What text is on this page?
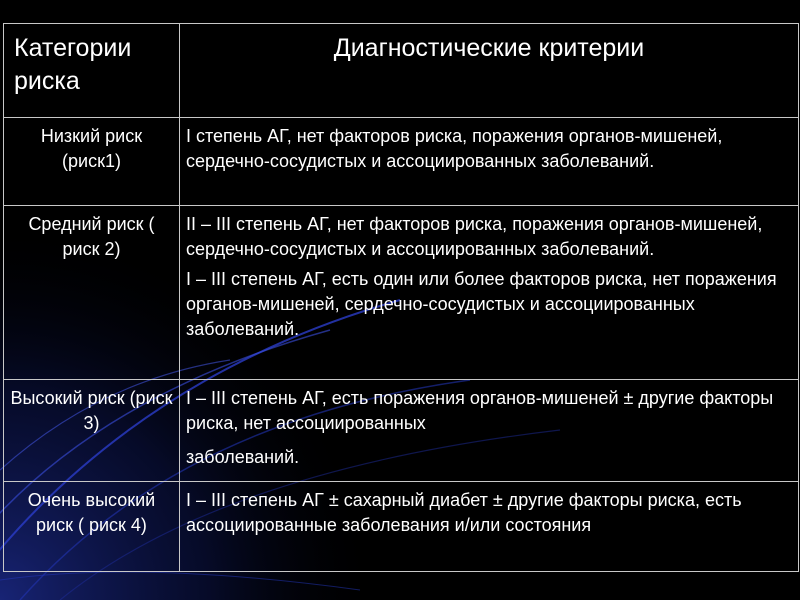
Категории риска	Диагностические критерии
Низкий риск (риск1)	I степень АГ, нет факторов риска, поражения органов-мишеней, сердечно-сосудистых и ассоциированных заболеваний.

Средний риск ( риск 2)	II – III степень АГ, нет факторов риска, поражения органов-мишеней, сердечно-сосудистых и ассоциированных заболеваний.

I – III степень АГ, есть один или более факторов риска, нет поражения органов-мишеней, сердечно-сосудистых и ассоциированных заболеваний.

Высокий риск (риск 3)	I – III степень АГ, есть поражения органов-мишеней ± другие факторы риска, нет ассоциированных

заболеваний.

Очень высокий риск ( риск 4)	I – III степень АГ ± сахарный диабет ± другие факторы риска, есть ассоциированные заболевания и/или состояния
